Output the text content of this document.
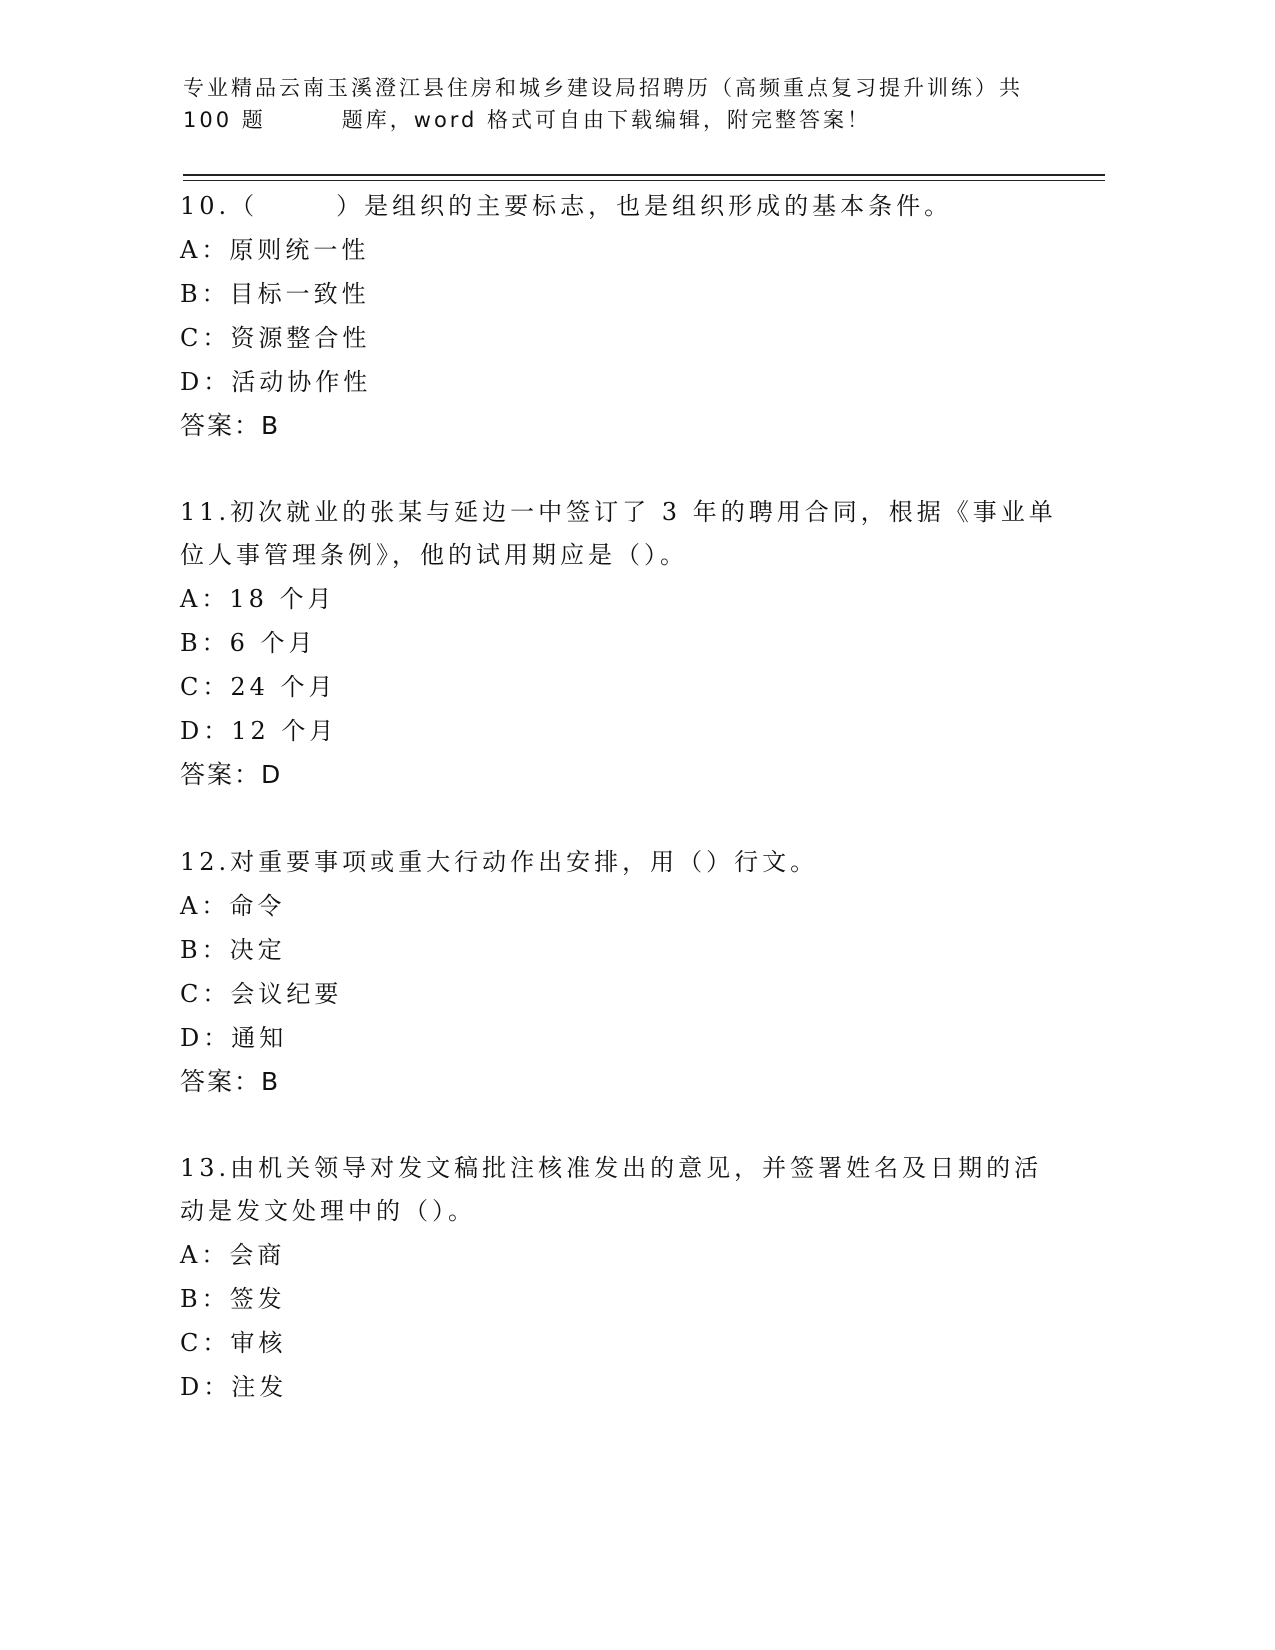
专业精品云南玉溪澄江县住房和城乡建设局招聘历（高频重点复习提升训练）共

100 题	题库，word 格式可自由下载编辑，附完整答案！
10.（	）是组织的主要标志，也是组织形成的基本条件。
A：原则统一性
B：目标一致性
C：资源整合性
D：活动协作性
答案：B
11.初次就业的张某与延边一中签订了 3 年的聘用合同，根据《事业单位人事管理条例》，他的试用期应是（）。
A：18 个月
B：6 个月
C：24 个月
D：12 个月
答案：D
12.对重要事项或重大行动作出安排，用（）行文。
A：命令
B：决定
C：会议纪要
D：通知
答案：B
13.由机关领导对发文稿批注核准发出的意见，并签署姓名及日期的活动是发文处理中的（）。
A：会商
B：签发
C：审核
D：注发
